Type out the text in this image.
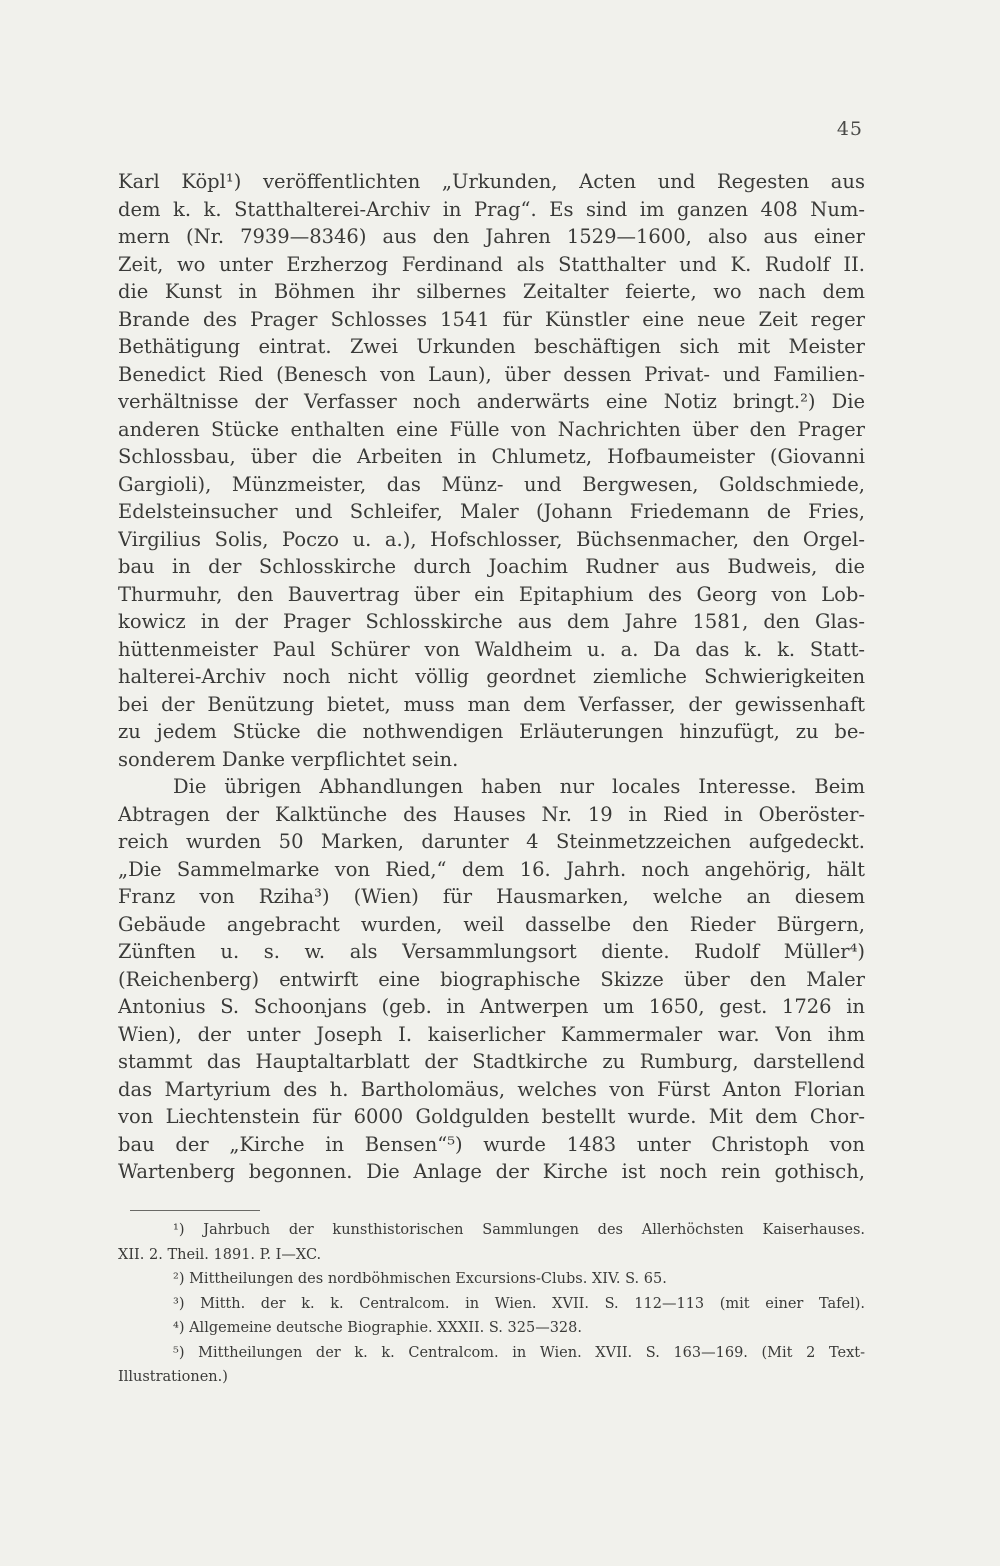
45
Karl Köpl¹) veröffentlichten „Urkunden, Acten und Regesten aus
dem k. k. Statthalterei-Archiv in Prag“. Es sind im ganzen 408 Num-
mern (Nr. 7939—8346) aus den Jahren 1529—1600, also aus einer
Zeit, wo unter Erzherzog Ferdinand als Statthalter und K. Rudolf II.
die Kunst in Böhmen ihr silbernes Zeitalter feierte, wo nach dem
Brande des Prager Schlosses 1541 für Künstler eine neue Zeit reger
Bethätigung eintrat. Zwei Urkunden beschäftigen sich mit Meister
Benedict Ried (Benesch von Laun), über dessen Privat- und Familien-
verhältnisse der Verfasser noch anderwärts eine Notiz bringt.²) Die
anderen Stücke enthalten eine Fülle von Nachrichten über den Prager
Schlossbau, über die Arbeiten in Chlumetz, Hofbaumeister (Giovanni
Gargioli), Münzmeister, das Münz- und Bergwesen, Goldschmiede,
Edelsteinsucher und Schleifer, Maler (Johann Friedemann de Fries,
Virgilius Solis, Poczo u. a.), Hofschlosser, Büchsenmacher, den Orgel-
bau in der Schlosskirche durch Joachim Rudner aus Budweis, die
Thurmuhr, den Bauvertrag über ein Epitaphium des Georg von Lob-
kowicz in der Prager Schlosskirche aus dem Jahre 1581, den Glas-
hüttenmeister Paul Schürer von Waldheim u. a. Da das k. k. Statt-
halterei-Archiv noch nicht völlig geordnet ziemliche Schwierigkeiten
bei der Benützung bietet, muss man dem Verfasser, der gewissenhaft
zu jedem Stücke die nothwendigen Erläuterungen hinzufügt, zu be-
sonderem Danke verpflichtet sein.
Die übrigen Abhandlungen haben nur locales Interesse. Beim
Abtragen der Kalktünche des Hauses Nr. 19 in Ried in Oberöster-
reich wurden 50 Marken, darunter 4 Steinmetzzeichen aufgedeckt.
„Die Sammelmarke von Ried,“ dem 16. Jahrh. noch angehörig, hält
Franz von Rziha³) (Wien) für Hausmarken, welche an diesem
Gebäude angebracht wurden, weil dasselbe den Rieder Bürgern,
Zünften u. s. w. als Versammlungsort diente. Rudolf Müller⁴)
(Reichenberg) entwirft eine biographische Skizze über den Maler
Antonius S. Schoonjans (geb. in Antwerpen um 1650, gest. 1726 in
Wien), der unter Joseph I. kaiserlicher Kammermaler war. Von ihm
stammt das Hauptaltarblatt der Stadtkirche zu Rumburg, darstellend
das Martyrium des h. Bartholomäus, welches von Fürst Anton Florian
von Liechtenstein für 6000 Goldgulden bestellt wurde. Mit dem Chor-
bau der „Kirche in Bensen“⁵) wurde 1483 unter Christoph von
Wartenberg begonnen. Die Anlage der Kirche ist noch rein gothisch,
¹) Jahrbuch der kunsthistorischen Sammlungen des Allerhöchsten Kaiserhauses.
XII. 2. Theil. 1891. P. I—XC.
²) Mittheilungen des nordböhmischen Excursions-Clubs. XIV. S. 65.
³) Mitth. der k. k. Centralcom. in Wien. XVII. S. 112—113 (mit einer Tafel).
⁴) Allgemeine deutsche Biographie. XXXII. S. 325—328.
⁵) Mittheilungen der k. k. Centralcom. in Wien. XVII. S. 163—169. (Mit 2 Text-
Illustrationen.)
